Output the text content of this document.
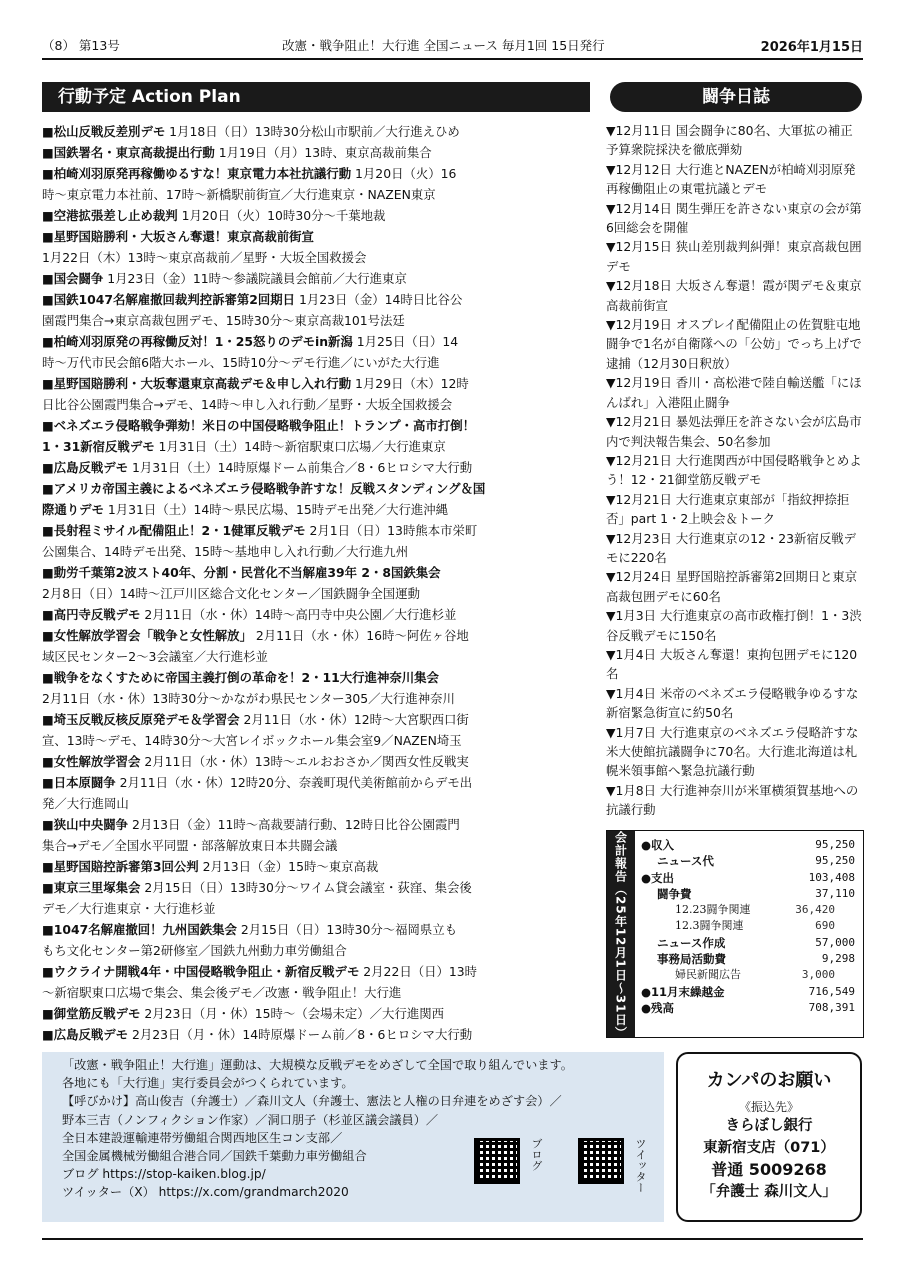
（8） 第13号	改憲・戦争阻止！大行進 全国ニュース 毎月1回 15日発行	2026年1月15日
行動予定 Action Plan

■松山反戦反差別デモ 1月18日（日）13時30分松山市駅前／大行進えひめ

■国鉄署名・東京高裁提出行動 1月19日（月）13時、東京高裁前集合

■柏崎刈羽原発再稼働ゆるすな！東京電力本社抗議行動 1月20日（火）16

時～東京電力本社前、17時～新橋駅前街宣／大行進東京・NAZEN東京

■空港拡張差し止め裁判 1月20日（火）10時30分～千葉地裁

■星野国賠勝利・大坂さん奪還！東京高裁前街宣

1月22日（木）13時～東京高裁前／星野・大坂全国救援会

■国会闘争 1月23日（金）11時～参議院議員会館前／大行進東京

■国鉄1047名解雇撤回裁判控訴審第2回期日 1月23日（金）14時日比谷公

園霞門集合→東京高裁包囲デモ、15時30分～東京高裁101号法廷

■柏崎刈羽原発の再稼働反対！1・25怒りのデモin新潟 1月25日（日）14

時～万代市民会館6階大ホール、15時10分～デモ行進／にいがた大行進

■星野国賠勝利・大坂奪還東京高裁デモ＆申し入れ行動 1月29日（木）12時

日比谷公園霞門集合→デモ、14時～申し入れ行動／星野・大坂全国救援会

■ベネズエラ侵略戦争弾劾！米日の中国侵略戦争阻止！トランプ・高市打倒！

1・31新宿反戦デモ 1月31日（土）14時～新宿駅東口広場／大行進東京

■広島反戦デモ 1月31日（土）14時原爆ドーム前集合／8・6ヒロシマ大行動

■アメリカ帝国主義によるベネズエラ侵略戦争許すな！反戦スタンディング＆国

際通りデモ 1月31日（土）14時～県民広場、15時デモ出発／大行進沖縄

■長射程ミサイル配備阻止！2・1健軍反戦デモ 2月1日（日）13時熊本市栄町

公園集合、14時デモ出発、15時～基地申し入れ行動／大行進九州

■動労千葉第2波スト40年、分割・民営化不当解雇39年 2・8国鉄集会

2月8日（日）14時～江戸川区総合文化センター／国鉄闘争全国運動

■高円寺反戦デモ 2月11日（水・休）14時～高円寺中央公園／大行進杉並

■女性解放学習会「戦争と女性解放」 2月11日（水・休）16時～阿佐ヶ谷地

域区民センター2～3会議室／大行進杉並

■戦争をなくすために帝国主義打倒の革命を！2・11大行進神奈川集会

2月11日（水・休）13時30分～かながわ県民センター305／大行進神奈川

■埼玉反戦反核反原発デモ＆学習会 2月11日（水・休）12時～大宮駅西口街

宣、13時～デモ、14時30分～大宮レイボックホール集会室9／NAZEN埼玉

■女性解放学習会 2月11日（水・休）13時～エルおおさか／関西女性反戦実

■日本原闘争 2月11日（水・休）12時20分、奈義町現代美術館前からデモ出

発／大行進岡山

■狭山中央闘争 2月13日（金）11時～高裁要請行動、12時日比谷公園霞門

集合→デモ／全国水平同盟・部落解放東日本共闘会議

■星野国賠控訴審第3回公判 2月13日（金）15時～東京高裁

■東京三里塚集会 2月15日（日）13時30分～ワイム貸会議室・荻窪、集会後

デモ／大行進東京・大行進杉並

■1047名解雇撤回！九州国鉄集会 2月15日（日）13時30分～福岡県立も

もち文化センター第2研修室／国鉄九州動力車労働組合

■ウクライナ開戦4年・中国侵略戦争阻止・新宿反戦デモ 2月22日（日）13時

～新宿駅東口広場で集会、集会後デモ／改憲・戦争阻止！大行進

■御堂筋反戦デモ 2月23日（月・休）15時～（会場未定）／大行進関西

■広島反戦デモ 2月23日（月・休）14時原爆ドーム前／8・6ヒロシマ大行動

闘争日誌

▼12月11日 国会闘争に80名、大軍拡の補正予算衆院採決を徹底弾劾

▼12月12日 大行進とNAZENが柏崎刈羽原発再稼働阻止の東電抗議とデモ

▼12月14日 関生弾圧を許さない東京の会が第6回総会を開催

▼12月15日 狭山差別裁判糾弾！東京高裁包囲デモ

▼12月18日 大坂さん奪還！霞が関デモ＆東京高裁前街宣

▼12月19日 オスプレイ配備阻止の佐賀駐屯地闘争で1名が自衛隊への「公妨」でっち上げで逮捕（12月30日釈放）

▼12月19日 香川・高松港で陸自輸送艦「にほんばれ」入港阻止闘争

▼12月21日 暴処法弾圧を許さない会が広島市内で判決報告集会、50名参加

▼12月21日 大行進関西が中国侵略戦争とめよう！12・21御堂筋反戦デモ

▼12月21日 大行進東京東部が「指紋押捺拒否」part 1・2上映会＆トーク

▼12月23日 大行進東京の12・23新宿反戦デモに220名

▼12月24日 星野国賠控訴審第2回期日と東京高裁包囲デモに60名

▼1月3日 大行進東京の高市政権打倒！1・3渋谷反戦デモに150名

▼1月4日 大坂さん奪還！東拘包囲デモに120名

▼1月4日 米帝のベネズエラ侵略戦争ゆるすな新宿緊急街宣に約50名

▼1月7日 大行進東京のベネズエラ侵略許すな米大使館抗議闘争に70名。大行進北海道は札幌米領事館へ緊急抗議行動

▼1月8日 大行進神奈川が米軍横須賀基地への抗議行動

会計報告（25年12月1日～31日）	●収入	95,250
ニュース代	95,250
●支出	103,408
闘争費	37,110
12.23闘争関連	36,420
12.3闘争関連	690
ニュース作成	57,000
事務局活動費	9,298
婦民新聞広告	3,000
●11月末繰越金	716,549
●残高	708,391

「改憲・戦争阻止！大行進」運動は、大規模な反戦デモをめざして全国で取り組んでいます。

各地にも「大行進」実行委員会がつくられています。

【呼びかけ】高山俊吉（弁護士）／森川文人（弁護士、憲法と人権の日弁連をめざす会）／

野本三吉（ノンフィクション作家）／洞口朋子（杉並区議会議員）／

全日本建設運輸連帯労働組合関西地区生コン支部／

全国金属機械労働組合港合同／国鉄千葉動力車労働組合

ブログ https://stop-kaiken.blog.jp/

ツイッター（X） https://x.com/grandmarch2020

ブログ	ツイッター
カンパのお願い
《振込先》
きらぼし銀行
東新宿支店（071）
普通 5009268
「弁護士 森川文人」
